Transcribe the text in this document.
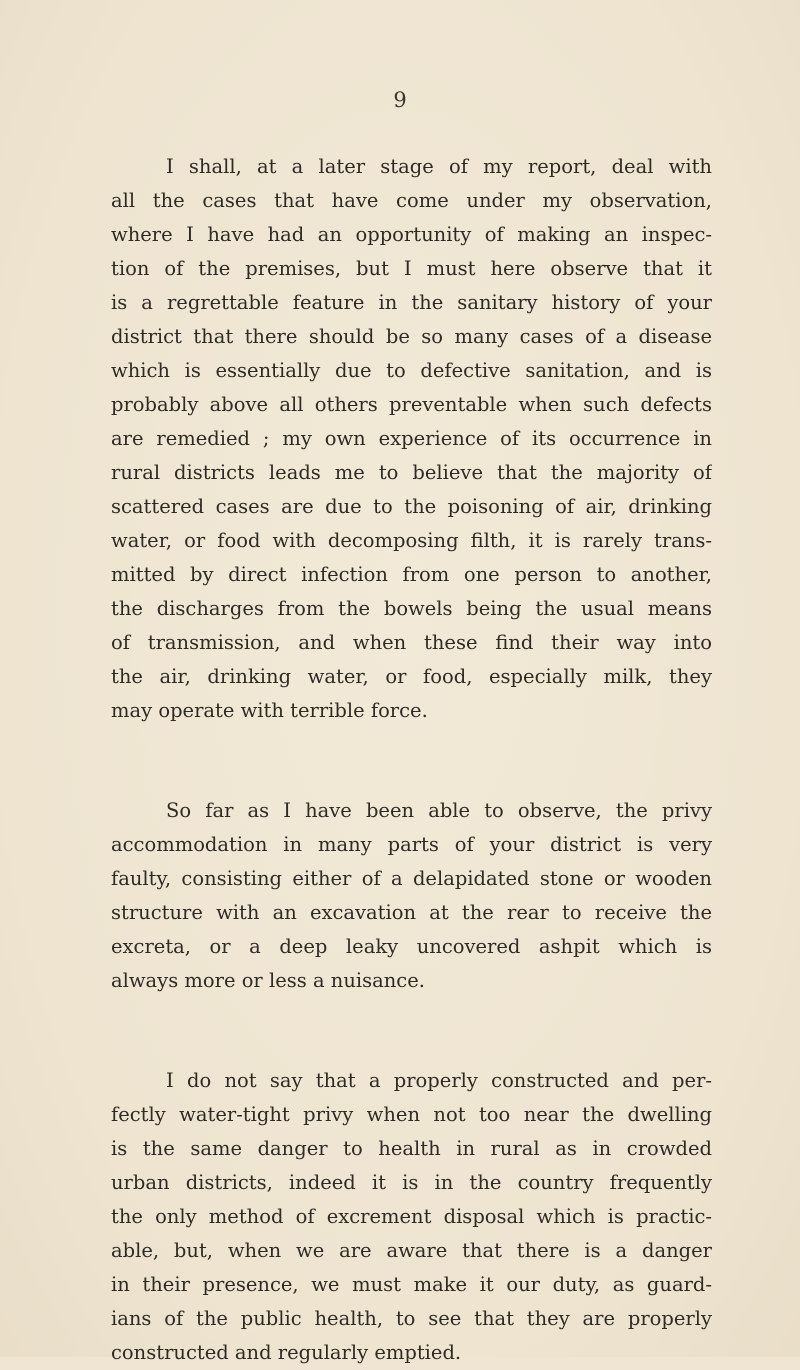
9

I shall, at a later stage of my report, deal with
all the cases that have come under my observation,
where I have had an opportunity of making an inspec-
tion of the premises, but I must here observe that it
is a regrettable feature in the sanitary history of your
district that there should be so many cases of a disease
which is essentially due to defective sanitation, and is
probably above all others preventable when such defects
are remedied ; my own experience of its occurrence in
rural districts leads me to believe that the majority of
scattered cases are due to the poisoning of air, drinking
water, or food with decomposing filth, it is rarely trans-
mitted by direct infection from one person to another,
the discharges from the bowels being the usual means
of transmission, and when these find their way into
the air, drinking water, or food, especially milk, they
may operate with terrible force.

So far as I have been able to observe, the privy
accommodation in many parts of your district is very
faulty, consisting either of a delapidated stone or wooden
structure with an excavation at the rear to receive the
excreta, or a deep leaky uncovered ashpit which is
always more or less a nuisance.

I do not say that a properly constructed and per-
fectly water-tight privy when not too near the dwelling
is the same danger to health in rural as in crowded
urban districts, indeed it is in the country frequently
the only method of excrement disposal which is practic-
able, but, when we are aware that there is a danger
in their presence, we must make it our duty, as guard-
ians of the public health, to see that they are properly
constructed and regularly emptied.
